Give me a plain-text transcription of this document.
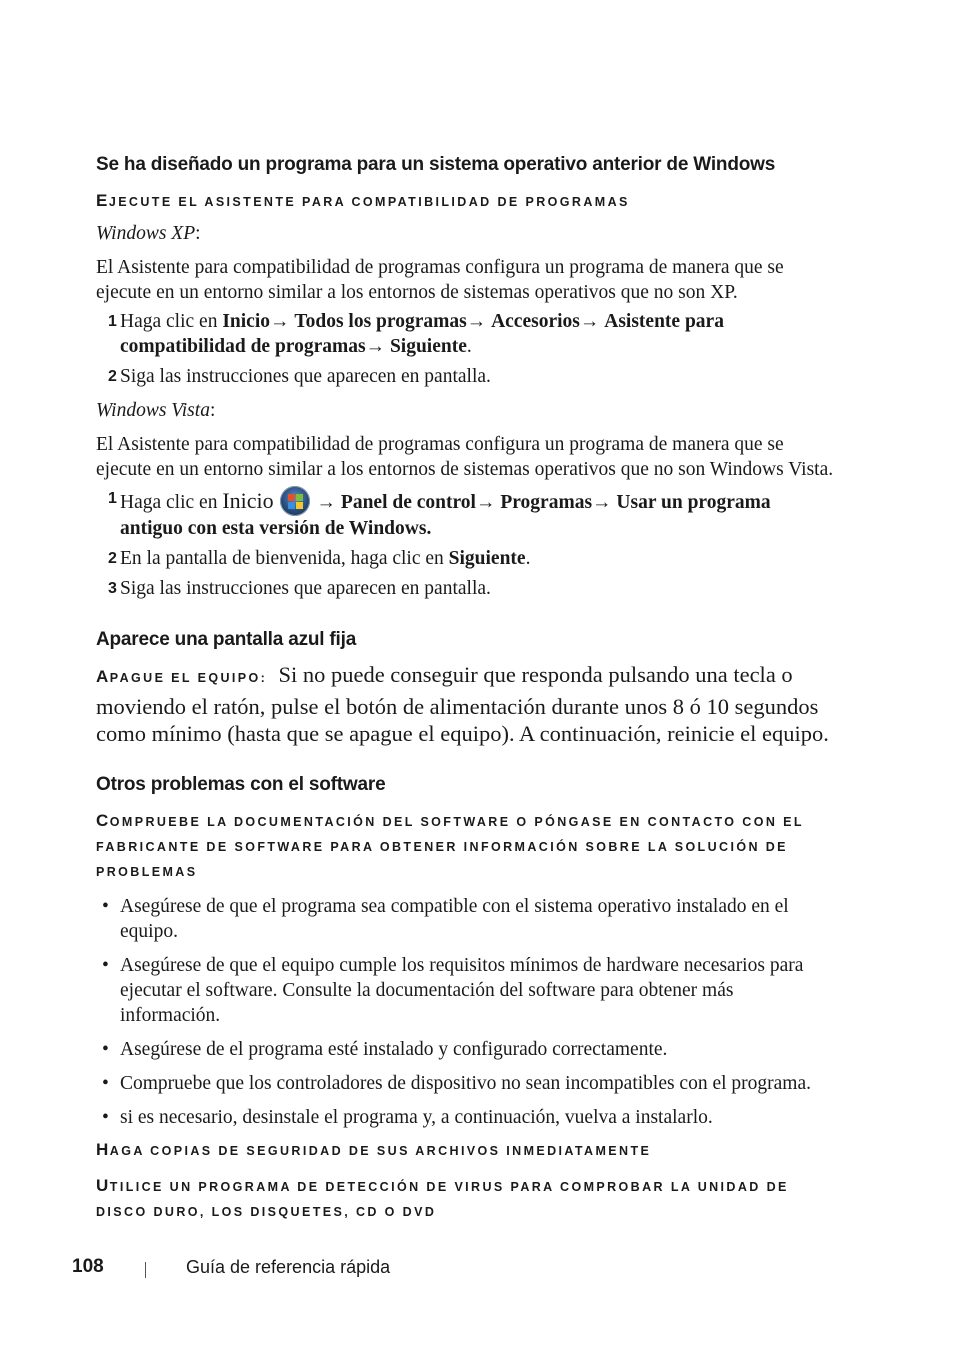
Se ha diseñado un programa para un sistema operativo anterior de Windows

EJECUTE EL ASISTENTE PARA COMPATIBILIDAD DE PROGRAMAS

Windows XP:

El Asistente para compatibilidad de programas configura un programa de manera que se ejecute en un entorno similar a los entornos de sistemas operativos que no son XP.

1 Haga clic en Inicio→ Todos los programas→ Accesorios→ Asistente para compatibilidad de programas→ Siguiente.
2 Siga las instrucciones que aparecen en pantalla.

Windows Vista:

El Asistente para compatibilidad de programas configura un programa de manera que se ejecute en un entorno similar a los entornos de sistemas operativos que no son Windows Vista.

1 Haga clic en Inicio
→ Panel de control→ Programas→ Usar un programa antiguo con esta versión de Windows.
2 En la pantalla de bienvenida, haga clic en Siguiente.
3 Siga las instrucciones que aparecen en pantalla.
Aparece una pantalla azul fija

APAGUE EL EQUIPO: Si no puede conseguir que responda pulsando una tecla o moviendo el ratón, pulse el botón de alimentación durante unos 8 ó 10 segundos como mínimo (hasta que se apague el equipo). A continuación, reinicie el equipo.

Otros problemas con el software

COMPRUEBE LA DOCUMENTACIÓN DEL SOFTWARE O PÓNGASE EN CONTACTO CON EL FABRICANTE DE SOFTWARE PARA OBTENER INFORMACIÓN SOBRE LA SOLUCIÓN DE PROBLEMAS

• Asegúrese de que el programa sea compatible con el sistema operativo instalado en el equipo.
• Asegúrese de que el equipo cumple los requisitos mínimos de hardware necesarios para ejecutar el software. Consulte la documentación del software para obtener más información.
• Asegúrese de el programa esté instalado y configurado correctamente.
• Compruebe que los controladores de dispositivo no sean incompatibles con el programa.
• si es necesario, desinstale el programa y, a continuación, vuelva a instalarlo.

HAGA COPIAS DE SEGURIDAD DE SUS ARCHIVOS INMEDIATAMENTE

UTILICE UN PROGRAMA DE DETECCIÓN DE VIRUS PARA COMPROBAR LA UNIDAD DE DISCO DURO, LOS DISQUETES, CD O DVD

108	Guía de referencia rápida
